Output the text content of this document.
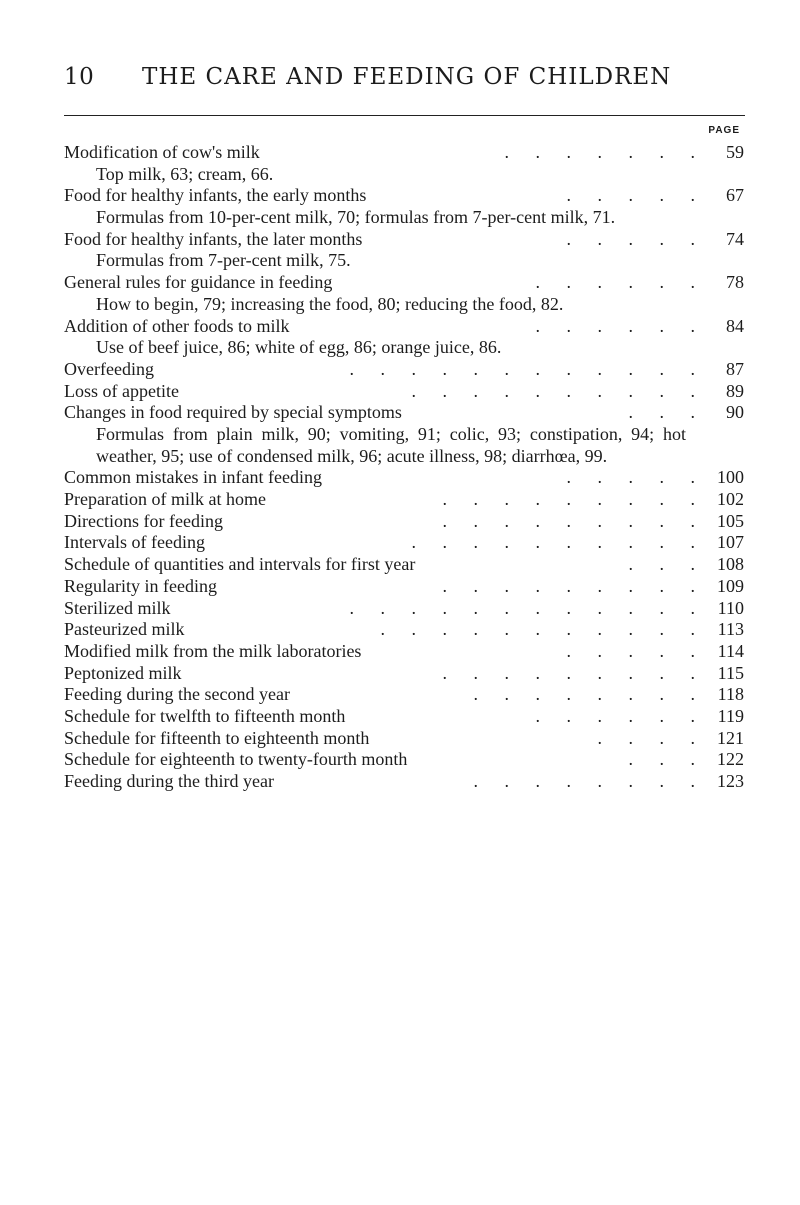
10 THE CARE AND FEEDING OF CHILDREN
PAGE
Modification of cow's milk	. . . . . . .	59
Top milk, 63; cream, 66.
Food for healthy infants, the early months	. . . . .	67
Formulas from 10-per-cent milk, 70; formulas from 7-per-cent milk, 71.
Food for healthy infants, the later months	. . . . .	74
Formulas from 7-per-cent milk, 75.
General rules for guidance in feeding	. . . . . .	78
How to begin, 79; increasing the food, 80; reducing the food, 82.
Addition of other foods to milk	. . . . . .	84
Use of beef juice, 86; white of egg, 86; orange juice, 86.
Overfeeding	. . . . . . . . . . . .	87
Loss of appetite	. . . . . . . . . .	89
Changes in food required by special symptoms	. . .	90
Formulas from plain milk, 90; vomiting, 91; colic, 93; constipation, 94; hot weather, 95; use of condensed milk, 96; acute illness, 98; diarrhœa, 99.
Common mistakes in infant feeding	. . . . . 100
Preparation of milk at home	. . . . . . . . . 102
Directions for feeding	. . . . . . . . . 105
Intervals of feeding	. . . . . . . . . . 107
Schedule of quantities and intervals for first year	. . . 108
Regularity in feeding	. . . . . . . . . 109
Sterilized milk	. . . . . . . . . . . . 110
Pasteurized milk	. . . . . . . . . . . 113
Modified milk from the milk laboratories	. . . . . 114
Peptonized milk	. . . . . . . . . 115
Feeding during the second year	. . . . . . . . 118
Schedule for twelfth to fifteenth month	. . . . . . 119
Schedule for fifteenth to eighteenth month	. . . . 121
Schedule for eighteenth to twenty-fourth month	. . . 122
Feeding during the third year	. . . . . . . . 123
